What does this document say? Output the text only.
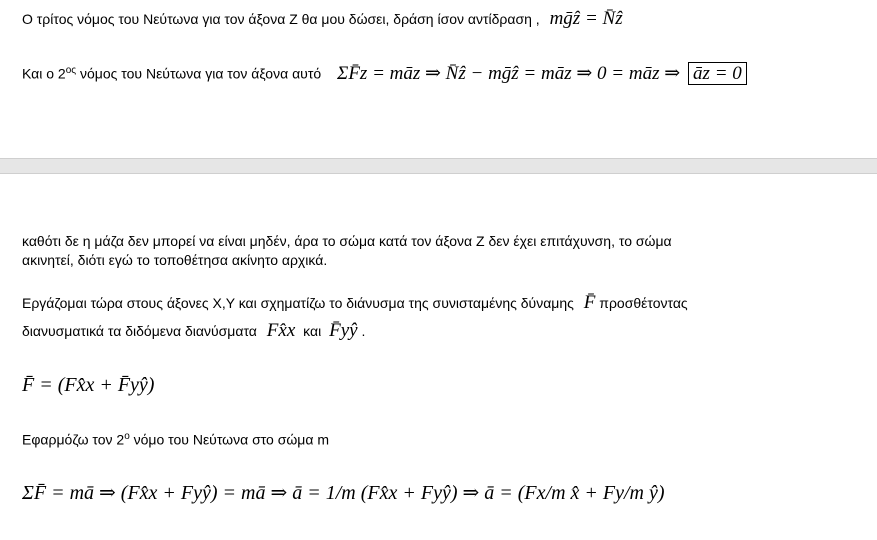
Ο τρίτος νόμος του Νεύτωνα για τον άξονα Z θα μου δώσει, δράση ίσον αντίδραση , mḡẑ = N̄ẑ
Και ο $2^{o\varsigma}$ νόμος του Νεύτωνα για τον άξονα αυτό ΣF̄z = māz ⇒ N̄ẑ − mḡẑ = māz ⇒ 0 = māz ⇒ āz = 0
καθότι δε η μάζα δεν μπορεί να είναι μηδέν, άρα το σώμα κατά τον άξονα Z δεν έχει επιτάχυνση, το σώμα
ακινητεί, διότι εγώ το τοποθέτησα ακίνητο αρχικά.
Εργάζομαι τώρα στους άξονες X,Y και σχηματίζω το διάνυσμα της συνισταμένης δύναμης F̄ προσθέτοντας
διανυσματικά τα διδόμενα διανύσματα Fx̂x και F̄yŷ .
F̄ = (Fx̂x + F̄yŷ)
Εφαρμόζω τον $2^o$ νόμο του Νεύτωνα στο σώμα m
ΣF̄ = mā ⇒ (Fx̂x + Fyŷ) = mā ⇒ ā = 1/m (Fx̂x + Fyŷ) ⇒ ā = (Fx/m x̂ + Fy/m ŷ)
